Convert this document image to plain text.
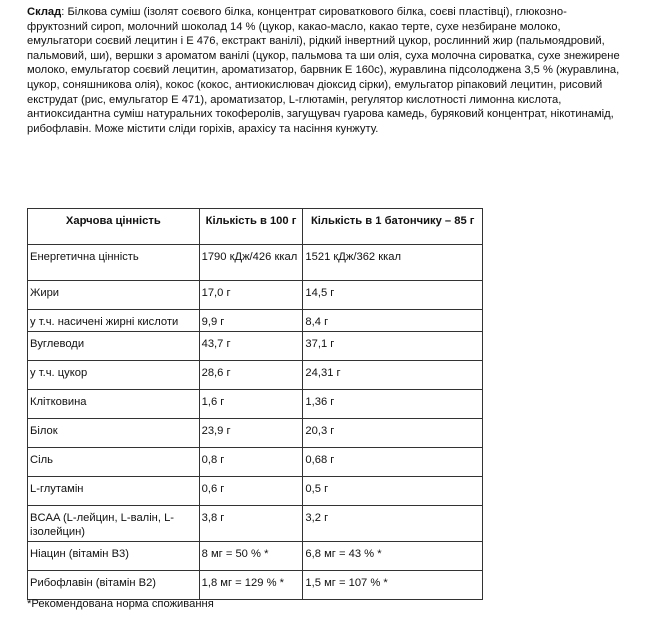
Склад: Білкова суміш (ізолят соєвого білка, концентрат сироваткового білка, соєві пластівці), глюкозно-фруктозний сироп, молочний шоколад 14 % (цукор, какао-масло, какао терте, сухе незбиране молоко, емульгатори соєвий лецитин і Е 476, екстракт ванілі), рідкий інвертний цукор, рослинний жир (пальмоядровий, пальмовий, ши), вершки з ароматом ванілі (цукор, пальмова та ши олія, суха молочна сироватка, сухе знежирене молоко, емульгатор соєвий лецитин, ароматизатор, барвник Е 160с), журавлина підсолоджена 3,5 % (журавлина, цукор, соняшникова олія), кокос (кокос, антиокислювач діоксид сірки), емульгатор ріпаковий лецитин, рисовий екструдат (рис, емульгатор Е 471), ароматизатор, L-глютамін, регулятор кислотності лимонна кислота, антиоксидантна суміш натуральних токоферолів, загущувач гуарова камедь, буряковий концентрат, нікотинамід, рибофлавін. Може містити сліди горіхів, арахісу та насіння кунжуту.

Харчова цінність	Кількість в 100 г	Кількість в 1 батончику – 85 г
Енергетична цінність	1790 кДж/426 ккал	1521 кДж/362 ккал
Жири	17,0 г	14,5 г
у т.ч. насичені жирні кислоти	9,9 г	8,4 г
Вуглеводи	43,7 г	37,1 г
у т.ч. цукор	28,6 г	24,31 г
Клітковина	1,6 г	1,36 г
Білок	23,9 г	20,3 г
Сіль	0,8 г	0,68 г
L-глутамін	0,6 г	0,5 г
BCAA (L-лейцин, L-валін, L-ізолейцин)	3,8 г	3,2 г
Ніацин (вітамін В3)	8 мг = 50 % *	6,8 мг = 43 % *
Рибофлавін (вітамін В2)	1,8 мг = 129 % *	1,5 мг = 107 % *
*Рекомендована норма споживання
